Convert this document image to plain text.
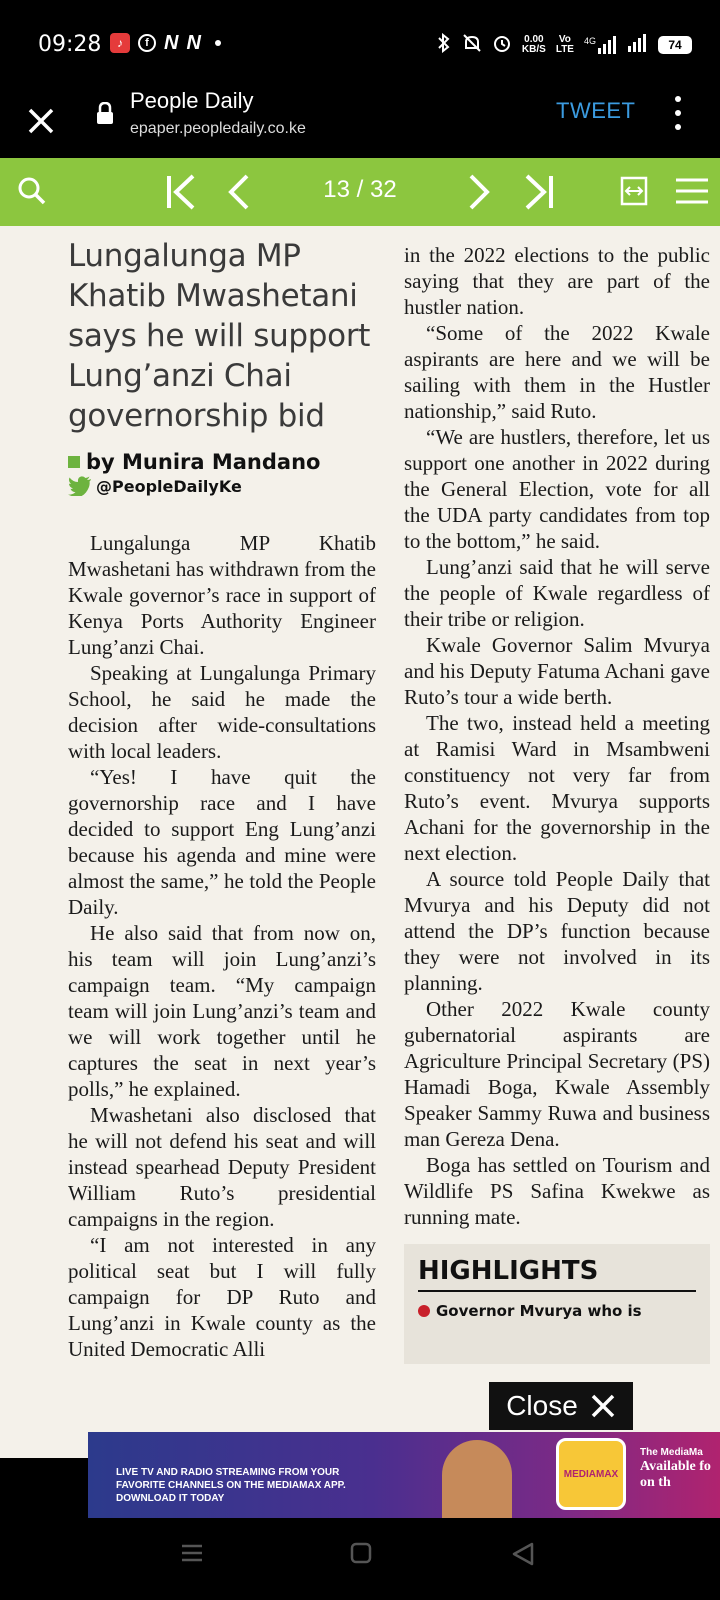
09:28	♪	f N N	0.00
KB/S
Vo
LTE
4G	74
People Daily
epaper.peopledaily.co.ke
TWEET
13 / 32
Lungalunga MP
Khatib Mwashetani
says he will support
Lung’anzi Chai
governorship bid
by Munira Mandano
@PeopleDailyKe

Lungalunga MP Khatib Mwashetani has withdrawn from the Kwale governor’s race in support of Kenya Ports Authority Engineer Lung’anzi Chai.

Speaking at Lungalunga Primary School, he said he made the decision after wide-consultations with local leaders.

“Yes! I have quit the governorship race and I have decided to support Eng Lung’anzi because his agenda and mine were almost the same,” he told the People Daily.

He also said that from now on, his team will join Lung’anzi’s campaign team. “My campaign team will join Lung’anzi’s team and we will work together until he captures the seat in next year’s polls,” he explained.

Mwashetani also disclosed that he will not defend his seat and will instead spearhead Deputy President William Ruto’s presidential campaigns in the region.

“I am not interested in any political seat but I will fully campaign for DP Ruto and Lung’anzi in Kwale county as the United Democratic Alli

in the 2022 elections to the public saying that they are part of the hustler nation.

“Some of the 2022 Kwale aspirants are here and we will be sailing with them in the Hustler nationship,” said Ruto.

“We are hustlers, therefore, let us support one another in 2022 during the General Election, vote for all the UDA party candidates from top to the bottom,” he said.

Lung’anzi said that he will serve the people of Kwale regardless of their tribe or religion.

Kwale Governor Salim Mvurya and his Deputy Fatuma Achani gave Ruto’s tour a wide berth.

The two, instead held a meeting at Ramisi Ward in Msambweni constituency not very far from Ruto’s event. Mvurya supports Achani for the governorship in the next election.

A source told People Daily that Mvurya and his Deputy did not attend the DP’s function because they were not involved in its planning.

Other 2022 Kwale county gubernatorial aspirants are Agriculture Principal Secretary (PS) Hamadi Boga, Kwale Assembly Speaker Sammy Ruwa and business man Gereza Dena.

Boga has settled on Tourism and Wildlife PS Safina Kwekwe as running mate.

HIGHLIGHTS
Governor Mvurya who is
Close
LIVE TV AND RADIO STREAMING FROM YOUR FAVORITE CHANNELS ON THE MEDIAMAX APP. DOWNLOAD IT TODAY
MEDIAMAX
The MediaMa
Available fo on th
